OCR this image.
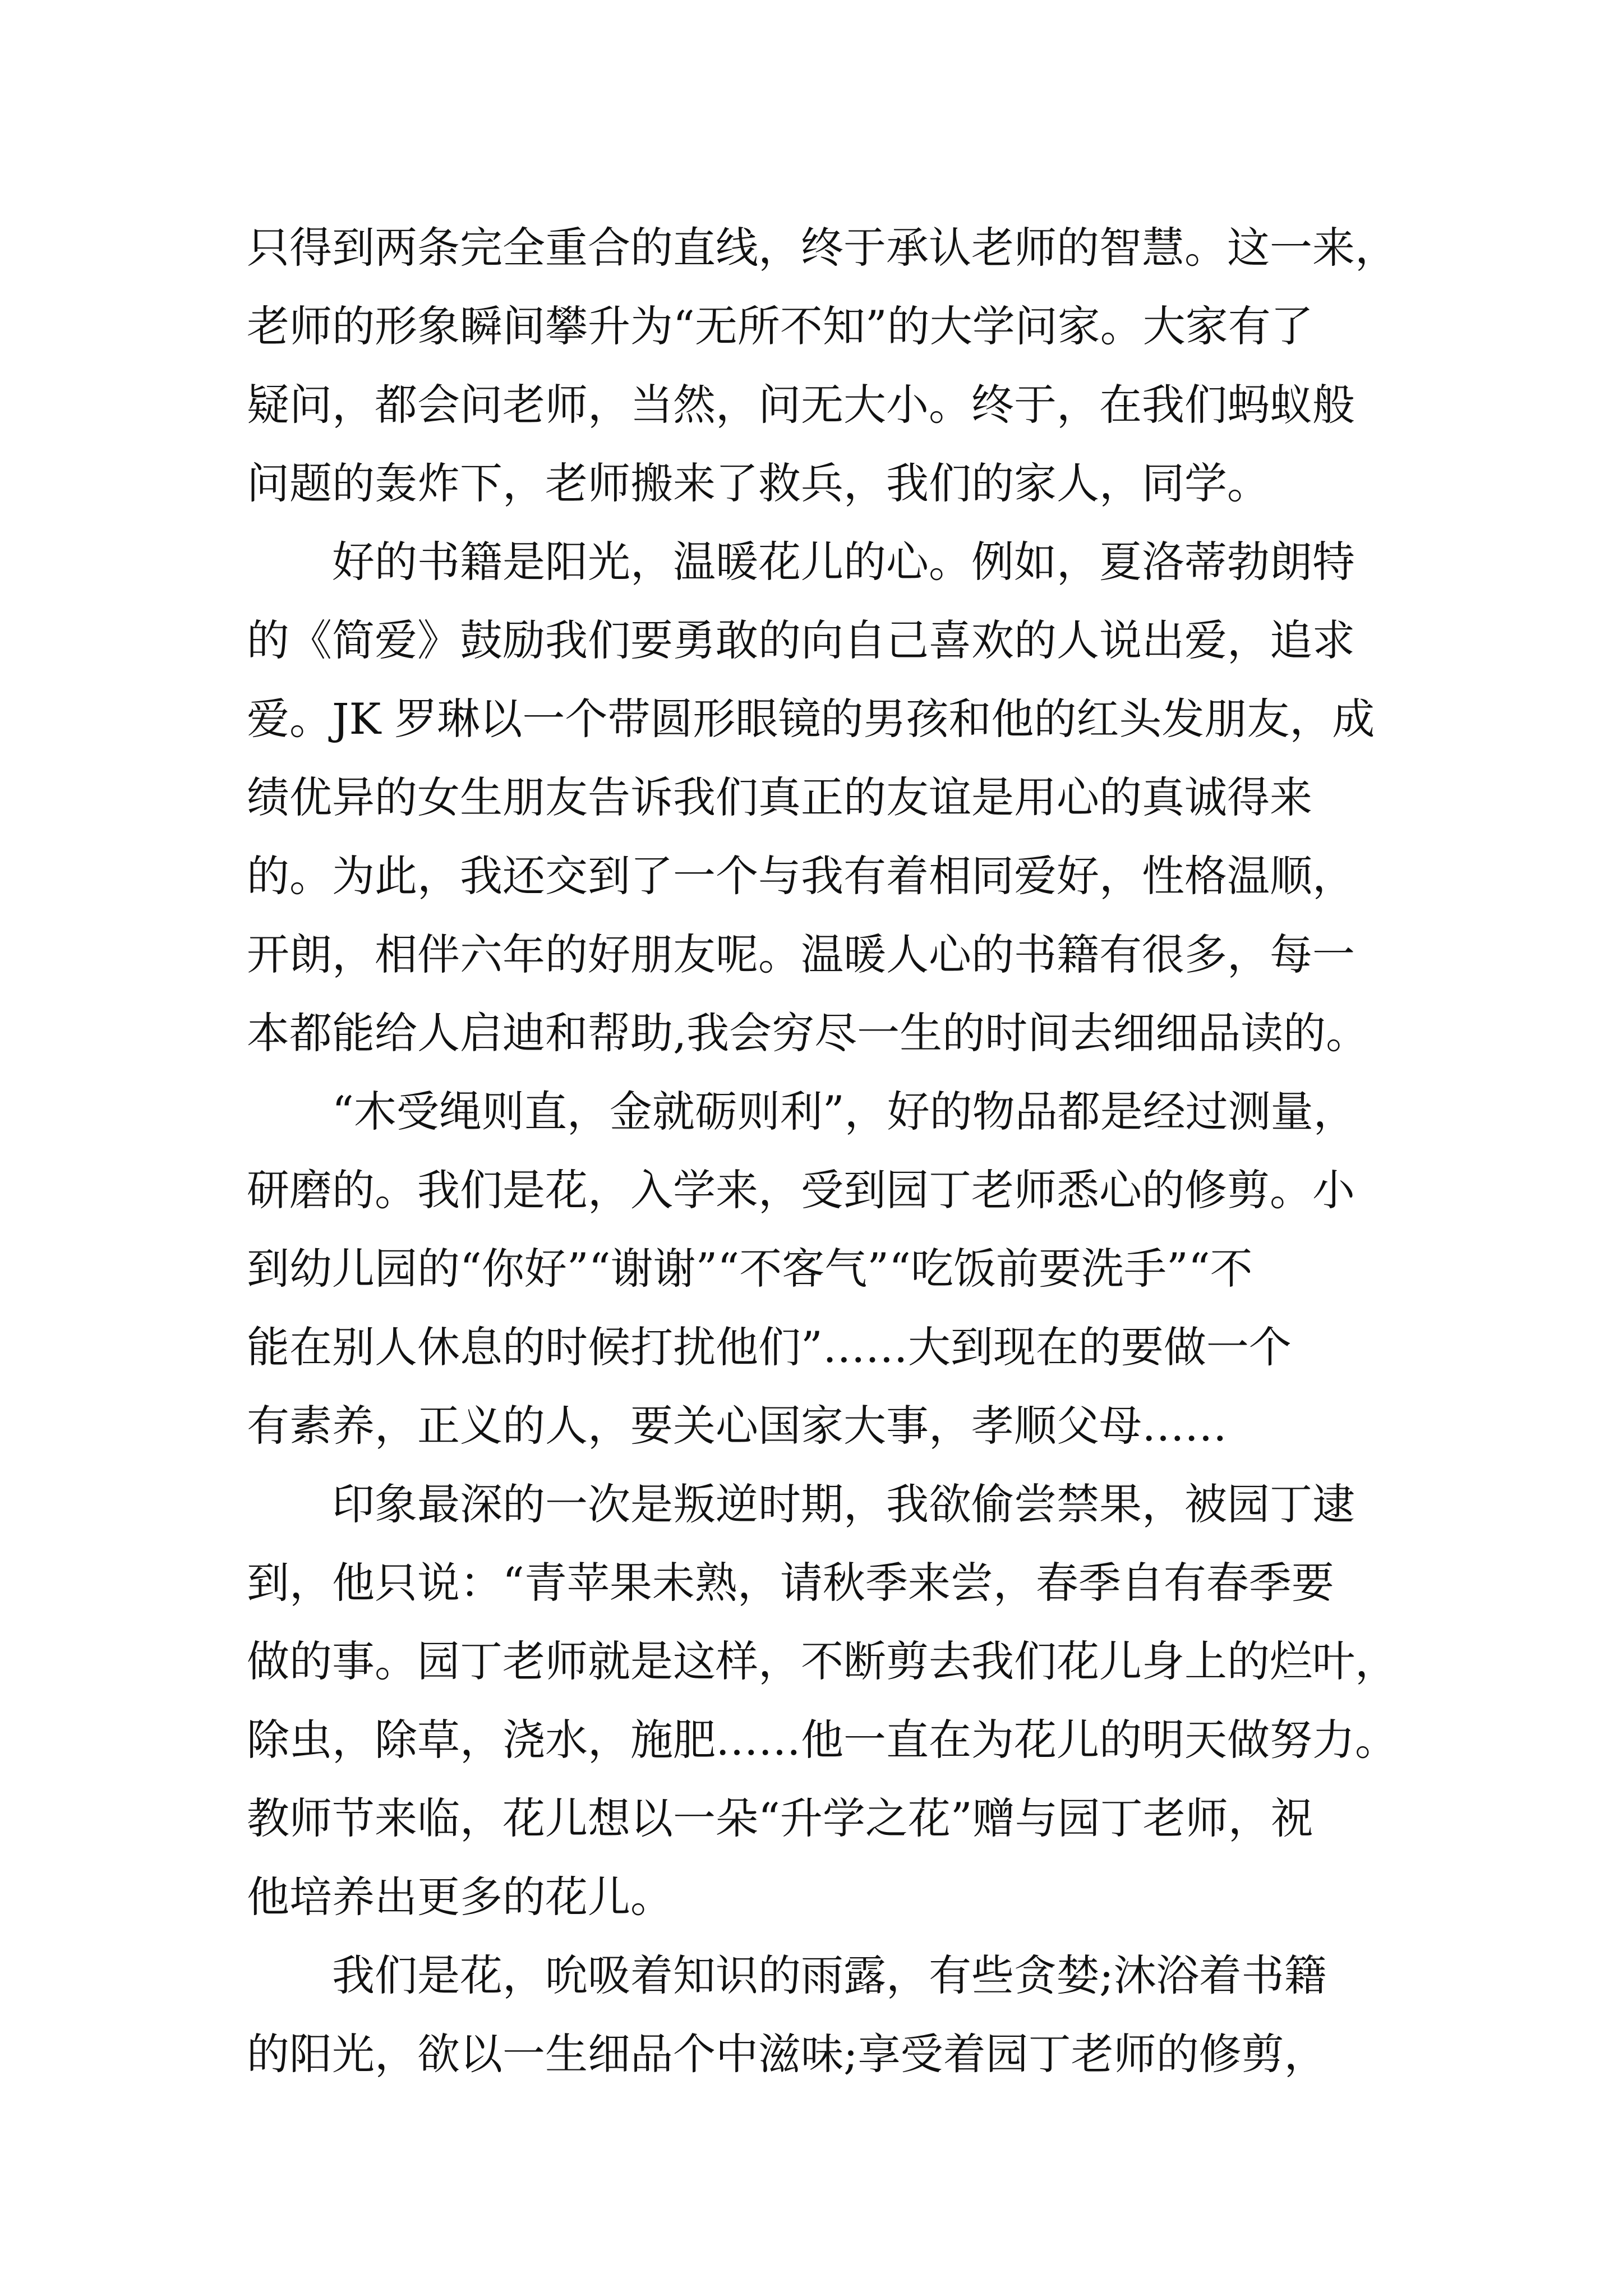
只得到两条完全重合的直线，终于承认老师的智慧。这一来，
老师的形象瞬间攀升为“无所不知”的大学问家。大家有了
疑问，都会问老师，当然，问无大小。终于，在我们蚂蚁般
问题的轰炸下，老师搬来了救兵，我们的家人，同学。
　　好的书籍是阳光，温暖花儿的心。例如，夏洛蒂勃朗特
的《简爱》鼓励我们要勇敢的向自己喜欢的人说出爱，追求
爱。JK 罗琳以一个带圆形眼镜的男孩和他的红头发朋友，成
绩优异的女生朋友告诉我们真正的友谊是用心的真诚得来
的。为此，我还交到了一个与我有着相同爱好，性格温顺，
开朗，相伴六年的好朋友呢。温暖人心的书籍有很多，每一
本都能给人启迪和帮助,我会穷尽一生的时间去细细品读的。
　　“木受绳则直，金就砺则利”，好的物品都是经过测量，
研磨的。我们是花，入学来，受到园丁老师悉心的修剪。小
到幼儿园的“你好”“谢谢”“不客气”“吃饭前要洗手”“不
能在别人休息的时候打扰他们”……大到现在的要做一个
有素养，正义的人，要关心国家大事，孝顺父母……
　　印象最深的一次是叛逆时期，我欲偷尝禁果，被园丁逮
到，他只说：“青苹果未熟，请秋季来尝，春季自有春季要
做的事。园丁老师就是这样，不断剪去我们花儿身上的烂叶，
除虫，除草，浇水，施肥……他一直在为花儿的明天做努力。
教师节来临，花儿想以一朵“升学之花”赠与园丁老师，祝
他培养出更多的花儿。
　　我们是花，吮吸着知识的雨露，有些贪婪;沐浴着书籍
的阳光，欲以一生细品个中滋味;享受着园丁老师的修剪，
